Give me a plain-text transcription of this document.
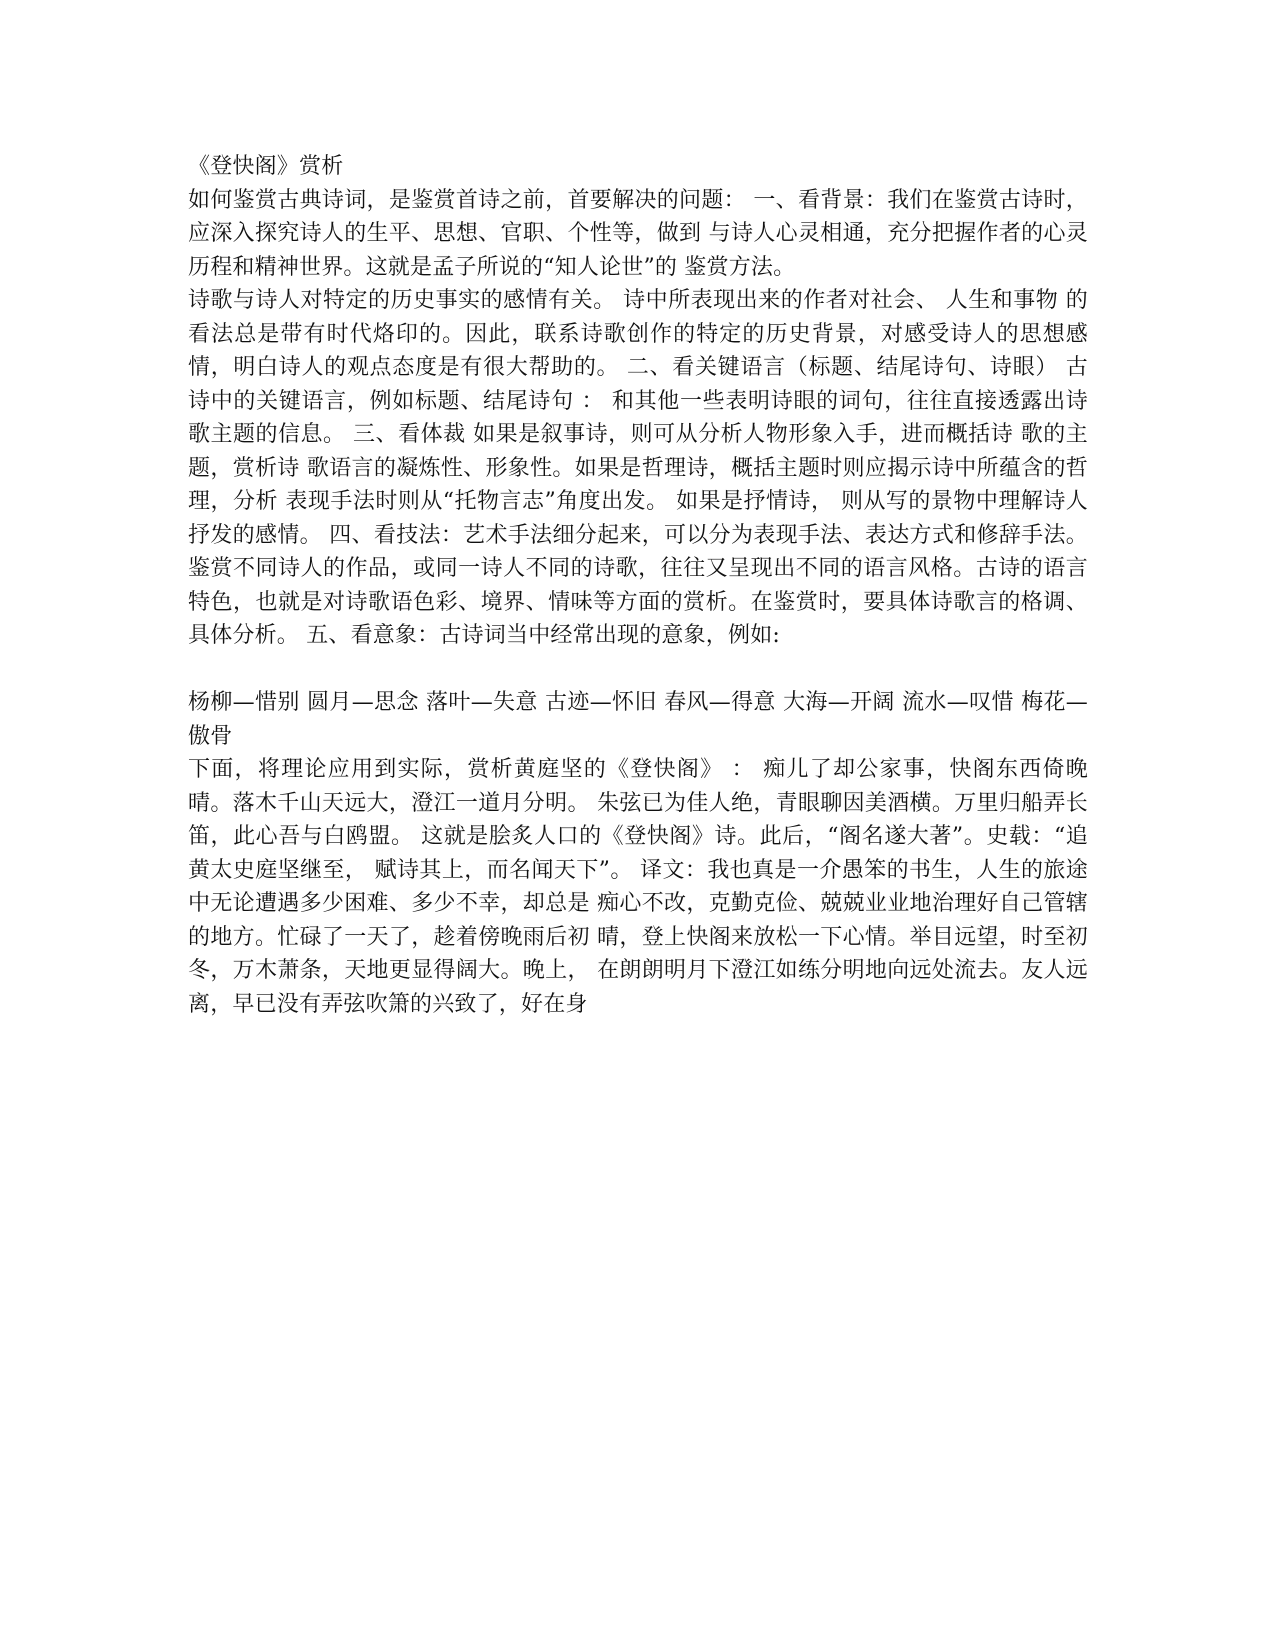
《登快阁》赏析

如何鉴赏古典诗词，是鉴赏首诗之前，首要解决的问题： 一、看背景：我们在鉴赏古诗时，应深入探究诗人的生平、思想、官职、个性等，做到 与诗人心灵相通，充分把握作者的心灵历程和精神世界。这就是孟子所说的“知人论世”的 鉴赏方法。

诗歌与诗人对特定的历史事实的感情有关。 诗中所表现出来的作者对社会、 人生和事物 的看法总是带有时代烙印的。因此，联系诗歌创作的特定的历史背景，对感受诗人的思想感 情，明白诗人的观点态度是有很大帮助的。 二、看关键语言（标题、结尾诗句、诗眼） 古诗中的关键语言，例如标题、结尾诗句 ： 和其他一些表明诗眼的词句，往往直接透露出诗歌主题的信息。 三、看体裁 如果是叙事诗，则可从分析人物形象入手，进而概括诗 歌的主题，赏析诗 歌语言的凝炼性、形象性。如果是哲理诗，概括主题时则应揭示诗中所蕴含的哲理，分析 表现手法时则从“托物言志”角度出发。 如果是抒情诗， 则从写的景物中理解诗人抒发的感情。 四、看技法：艺术手法细分起来，可以分为表现手法、表达方式和修辞手法。 鉴赏不同诗人的作品，或同一诗人不同的诗歌，往往又呈现出不同的语言风格。古诗的语言特色，也就是对诗歌语色彩、境界、情味等方面的赏析。在鉴赏时，要具体诗歌言的格调、 具体分析。 五、看意象：古诗词当中经常出现的意象，例如:

杨柳—惜别 圆月—思念 落叶—失意 古迹—怀旧 春风—得意 大海—开阔 流水—叹惜 梅花—傲骨

下面，将理论应用到实际，赏析黄庭坚的《登快阁》 ： 痴儿了却公家事，快阁东西倚晚晴。落木千山天远大，澄江一道月分明。 朱弦已为佳人绝，青眼聊因美酒横。万里归船弄长笛，此心吾与白鸥盟。 这就是脍炙人口的《登快阁》诗。此后，“阁名遂大著”。史载：“追黄太史庭坚继至， 赋诗其上，而名闻天下”。 译文：我也真是一介愚笨的书生，人生的旅途中无论遭遇多少困难、多少不幸，却总是 痴心不改，克勤克俭、兢兢业业地治理好自己管辖的地方。忙碌了一天了，趁着傍晚雨后初 晴，登上快阁来放松一下心情。举目远望，时至初冬，万木萧条，天地更显得阔大。晚上， 在朗朗明月下澄江如练分明地向远处流去。友人远离，早已没有弄弦吹箫的兴致了，好在身
